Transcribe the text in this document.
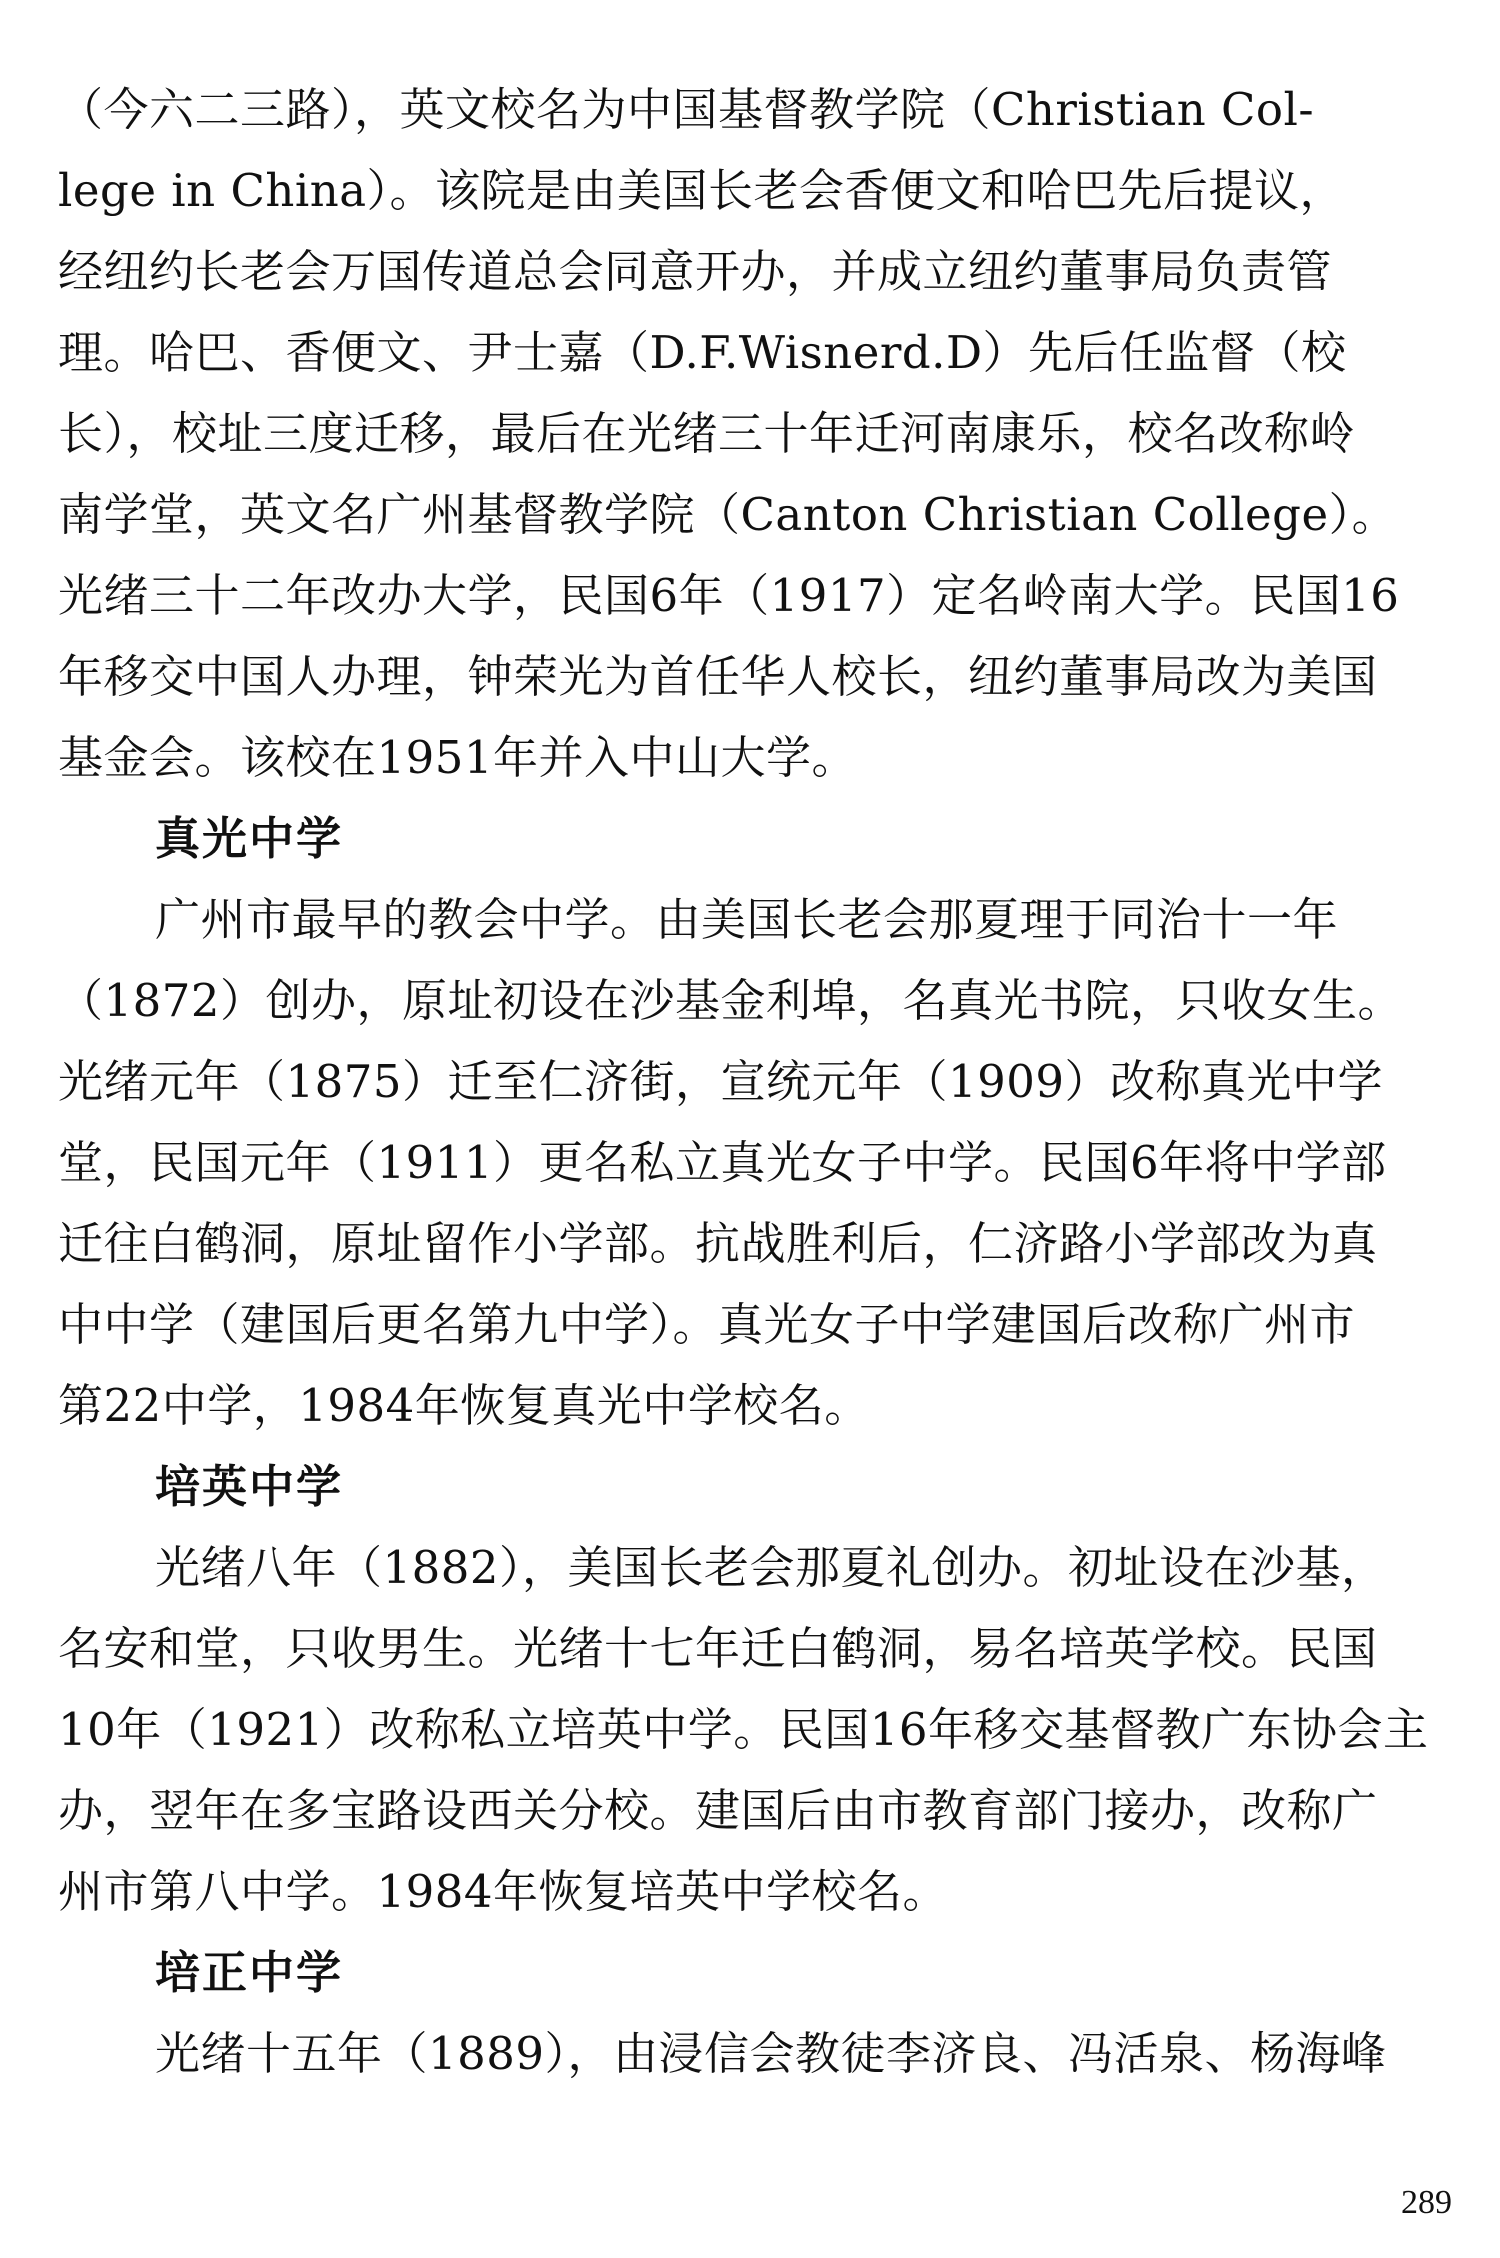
（今六二三路），英文校名为中国基督教学院（Christian Col-
lege in China）。该院是由美国长老会香便文和哈巴先后提议，
经纽约长老会万国传道总会同意开办，并成立纽约董事局负责管
理。哈巴、香便文、尹士嘉（D.F.Wisnerd.D）先后任监督（校
长），校址三度迁移，最后在光绪三十年迁河南康乐，校名改称岭
南学堂，英文名广州基督教学院（Canton Christian College）。
光绪三十二年改办大学，民国6年（1917）定名岭南大学。民国16
年移交中国人办理，钟荣光为首任华人校长，纽约董事局改为美国
基金会。该校在1951年并入中山大学。
真光中学
广州市最早的教会中学。由美国长老会那夏理于同治十一年
（1872）创办，原址初设在沙基金利埠，名真光书院，只收女生。
光绪元年（1875）迁至仁济街，宣统元年（1909）改称真光中学
堂，民国元年（1911）更名私立真光女子中学。民国6年将中学部
迁往白鹤洞，原址留作小学部。抗战胜利后，仁济路小学部改为真
中中学（建国后更名第九中学）。真光女子中学建国后改称广州市
第22中学，1984年恢复真光中学校名。
培英中学
光绪八年（1882），美国长老会那夏礼创办。初址设在沙基，
名安和堂，只收男生。光绪十七年迁白鹤洞，易名培英学校。民国
10年（1921）改称私立培英中学。民国16年移交基督教广东协会主
办，翌年在多宝路设西关分校。建国后由市教育部门接办，改称广
州市第八中学。1984年恢复培英中学校名。
培正中学
光绪十五年（1889），由浸信会教徒李济良、冯活泉、杨海峰
289
